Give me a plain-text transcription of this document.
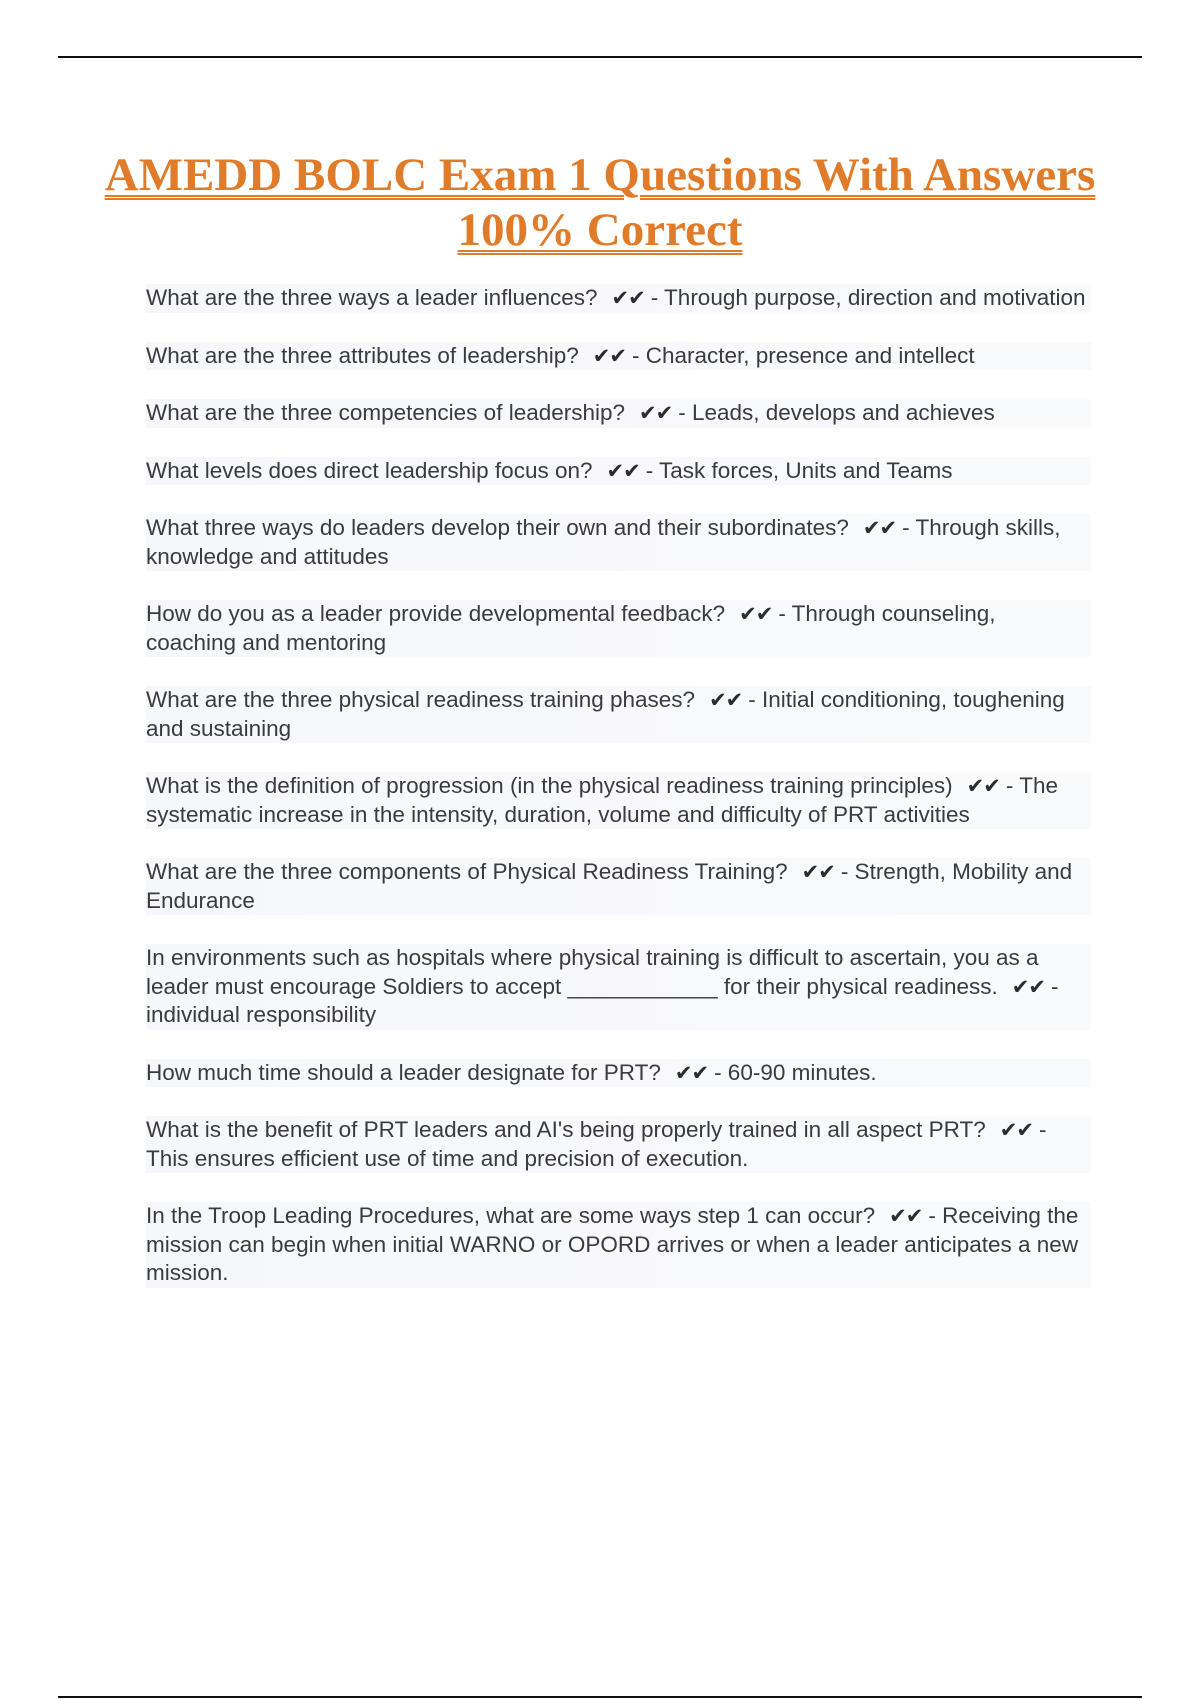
AMEDD BOLC Exam 1 Questions With Answers 100% Correct

What are the three ways a leader influences? ✔✔ - Through purpose, direction and motivation

What are the three attributes of leadership? ✔✔ - Character, presence and intellect

What are the three competencies of leadership? ✔✔ - Leads, develops and achieves

What levels does direct leadership focus on? ✔✔ - Task forces, Units and Teams

What three ways do leaders develop their own and their subordinates? ✔✔ - Through skills, knowledge and attitudes

How do you as a leader provide developmental feedback? ✔✔ - Through counseling, coaching and mentoring

What are the three physical readiness training phases? ✔✔ - Initial conditioning, toughening and sustaining

What is the definition of progression (in the physical readiness training principles) ✔✔ - The systematic increase in the intensity, duration, volume and difficulty of PRT activities

What are the three components of Physical Readiness Training? ✔✔ - Strength, Mobility and Endurance

In environments such as hospitals where physical training is difficult to ascertain, you as a leader must encourage Soldiers to accept ____________ for their physical readiness. ✔✔ - individual responsibility

How much time should a leader designate for PRT? ✔✔ - 60-90 minutes.

What is the benefit of PRT leaders and AI's being properly trained in all aspect PRT? ✔✔ - This ensures efficient use of time and precision of execution.

In the Troop Leading Procedures, what are some ways step 1 can occur? ✔✔ - Receiving the mission can begin when initial WARNO or OPORD arrives or when a leader anticipates a new mission.
